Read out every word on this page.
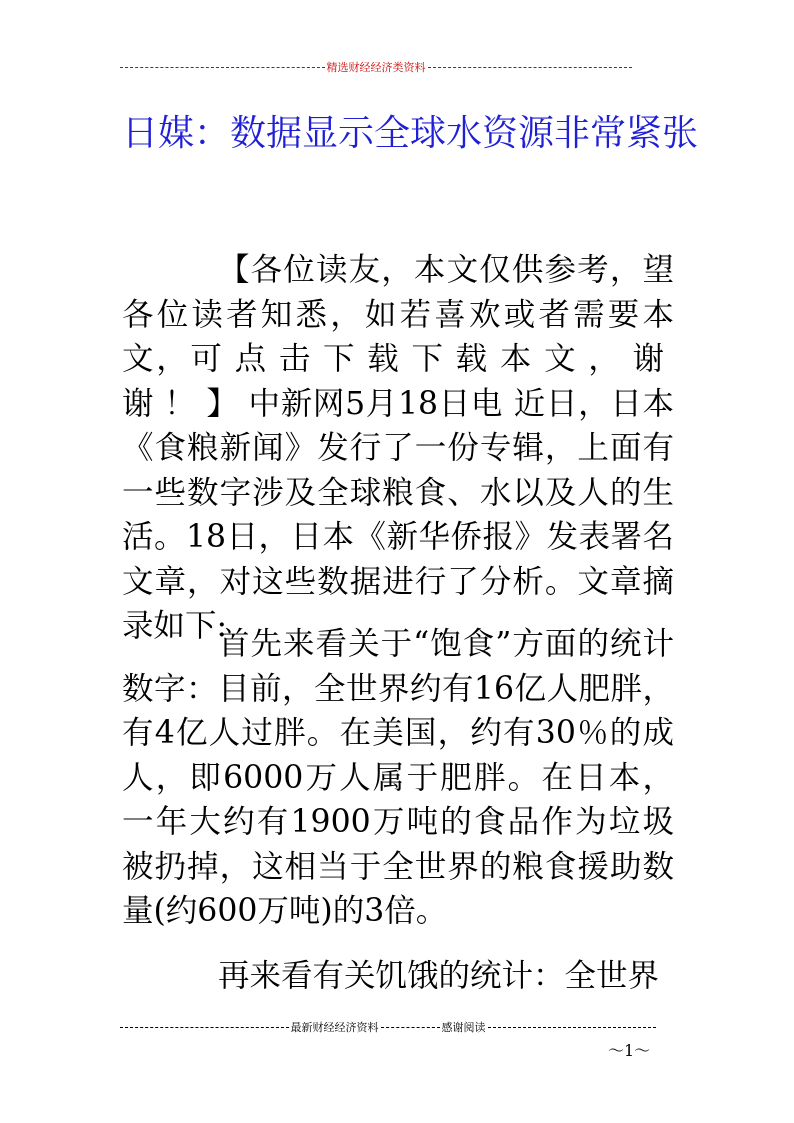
精选财经经济类资料
日媒：数据显示全球水资源非常紧张
【各位读友，本文仅供参考，望各位读者知悉，如若喜欢或者需要本文，可点击下载下载本文，谢谢！】中新网5月18日电 近日，日本《食粮新闻》发行了一份专辑，上面有一些数字涉及全球粮食、水以及人的生活。18日，日本《新华侨报》发表署名文章，对这些数据进行了分析。文章摘录如下:
首先来看关于“饱食”方面的统计数字：目前，全世界约有16亿人肥胖，有4亿人过胖。在美国，约有30％的成人，即6000万人属于肥胖。在日本，一年大约有1900万吨的食品作为垃圾被扔掉，这相当于全世界的粮食援助数量(约600万吨)的3倍。
再来看有关饥饿的统计：全世界
最新财经经济资料	感谢阅读
～1～
